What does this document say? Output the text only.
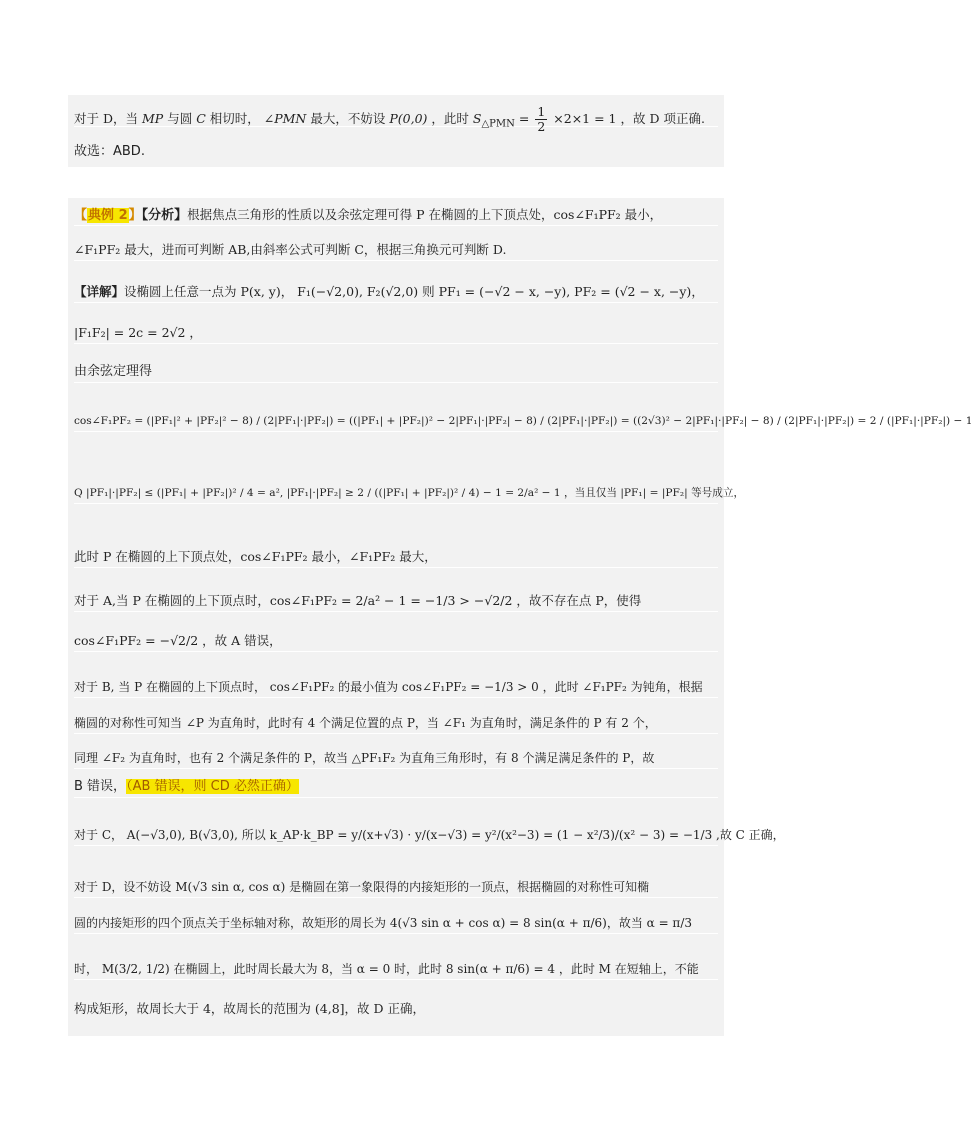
对于 D，当 MP 与圆 C 相切时， ∠PMN 最大，不妨设 P(0,0) ，此时 $S_{\triangle PMN} = \frac{1}{2} \times 2\times 1 = 1$ ，故 D 项正确.
故选：ABD.
【典例 2】【分析】根据焦点三角形的性质以及余弦定理可得 P 在椭圆的上下顶点处，cos∠F₁PF₂ 最小，
∠F₁PF₂ 最大，进而可判断 AB,由斜率公式可判断 C，根据三角换元可判断 D.
【详解】设椭圆上任意一点为 P(x, y)， F₁(−√2,0), F₂(√2,0) 则 PF₁ = (−√2 − x, −y), PF₂ = (√2 − x, −y)，
|F₁F₂| = 2c = 2√2 ，
由余弦定理得
cos∠F₁PF₂ = (|PF₁|² + |PF₂|² − 8) / (2|PF₁|·|PF₂|) = ((|PF₁| + |PF₂|)² − 2|PF₁|·|PF₂| − 8) / (2|PF₁|·|PF₂|) = ((2√3)² − 2|PF₁|·|PF₂| − 8) / (2|PF₁|·|PF₂|) = 2 / (|PF₁|·|PF₂|) − 1
Q |PF₁|·|PF₂| ≤ (|PF₁| + |PF₂|)² / 4 = a², |PF₁|·|PF₂| ≥ 2 / ((|PF₁| + |PF₂|)² / 4) − 1 = 2/a² − 1 ，当且仅当 |PF₁| = |PF₂| 等号成立，
此时 P 在椭圆的上下顶点处，cos∠F₁PF₂ 最小，∠F₁PF₂ 最大，
对于 A,当 P 在椭圆的上下顶点时，cos∠F₁PF₂ = 2/a² − 1 = −1/3 > −√2/2 ，故不存在点 P，使得
cos∠F₁PF₂ = −√2/2 ，故 A 错误，
对于 B, 当 P 在椭圆的上下顶点时， cos∠F₁PF₂ 的最小值为 cos∠F₁PF₂ = −1/3 > 0 ，此时 ∠F₁PF₂ 为钝角，根据
椭圆的对称性可知当 ∠P 为直角时，此时有 4 个满足位置的点 P，当 ∠F₁ 为直角时，满足条件的 P 有 2 个，
同理 ∠F₂ 为直角时，也有 2 个满足条件的 P，故当 △PF₁F₂ 为直角三角形时，有 8 个满足满足条件的 P，故
B 错误，（AB 错误，则 CD 必然正确）
对于 C， A(−√3,0), B(√3,0), 所以 k_AP·k_BP = y/(x+√3) · y/(x−√3) = y²/(x²−3) = (1 − x²/3)/(x² − 3) = −1/3 ,故 C 正确，
对于 D，设不妨设 M(√3 sin α, cos α) 是椭圆在第一象限得的内接矩形的一顶点，根据椭圆的对称性可知椭
圆的内接矩形的四个顶点关于坐标轴对称，故矩形的周长为 4(√3 sin α + cos α) = 8 sin(α + π/6)，故当 α = π/3
时， M(3/2, 1/2) 在椭圆上，此时周长最大为 8，当 α = 0 时，此时 8 sin(α + π/6) = 4 ，此时 M 在短轴上，不能
构成矩形，故周长大于 4，故周长的范围为 (4,8]，故 D 正确，
